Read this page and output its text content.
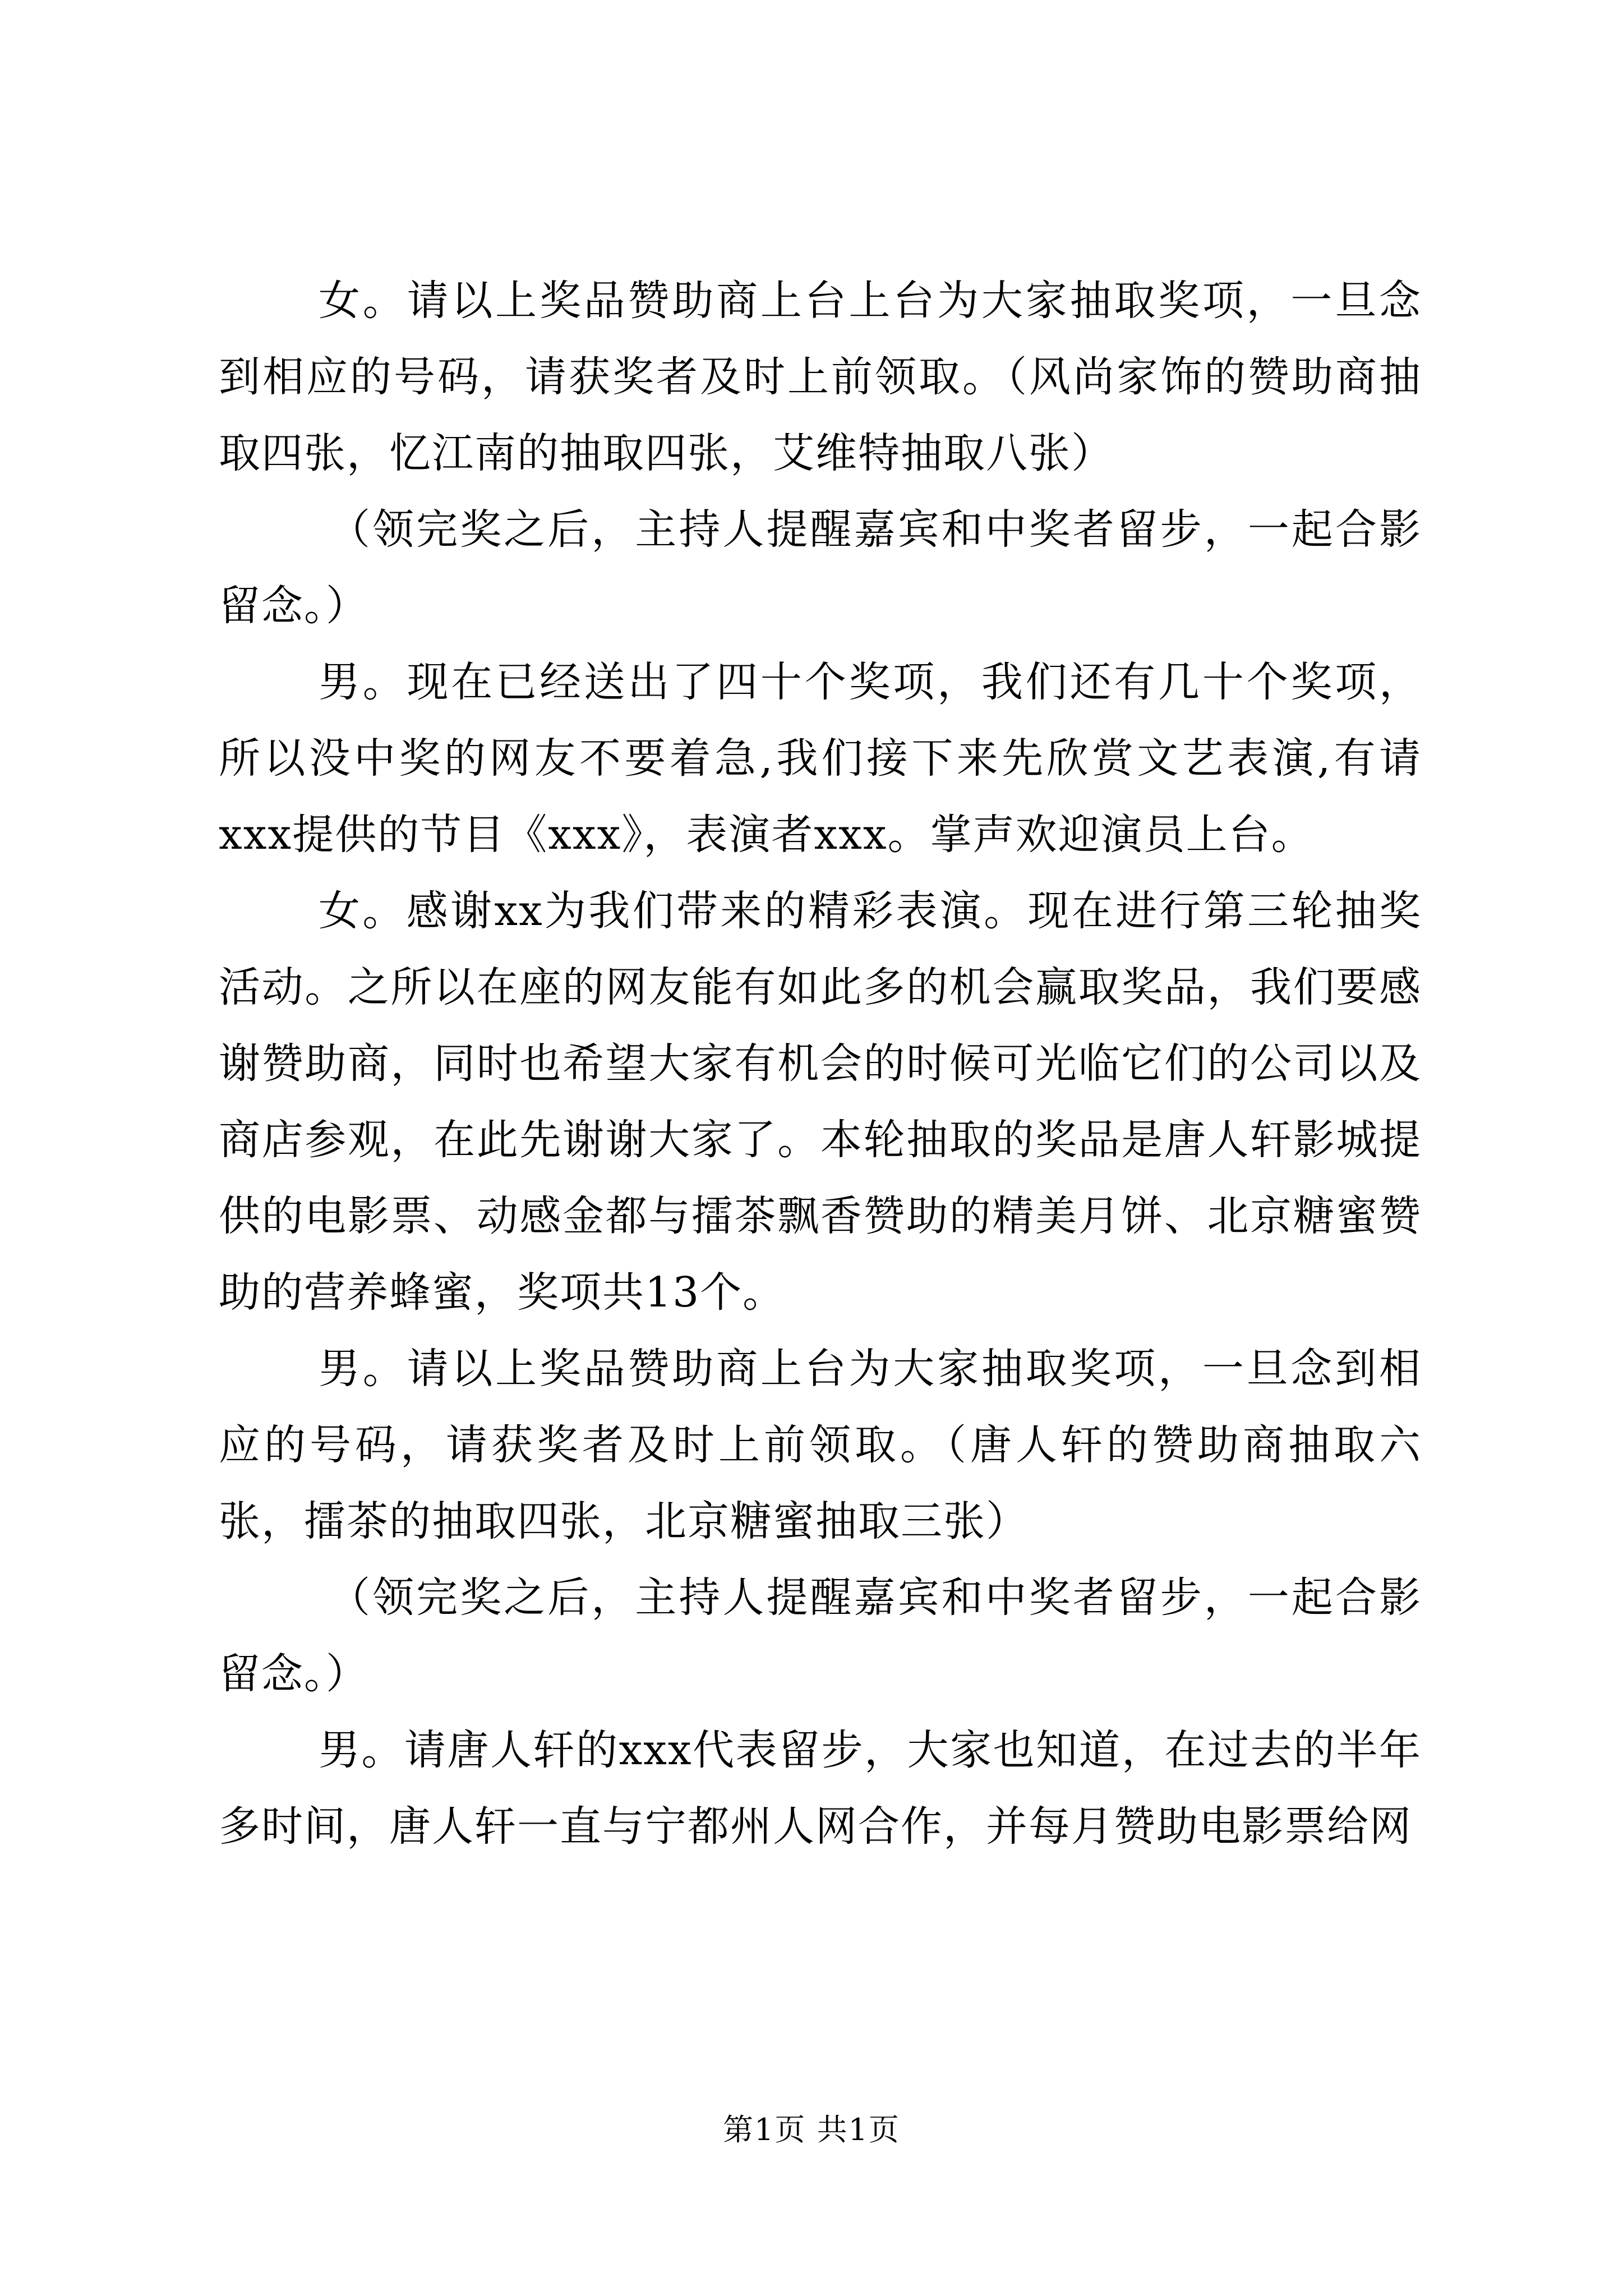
女。请以上奖品赞助商上台上台为大家抽取奖项，一旦念到相应的号码，请获奖者及时上前领取。（风尚家饰的赞助商抽取四张，忆江南的抽取四张，艾维特抽取八张）

（领完奖之后，主持人提醒嘉宾和中奖者留步，一起合影留念。）

男。现在已经送出了四十个奖项，我们还有几十个奖项，所以没中奖的网友不要着急,我们接下来先欣赏文艺表演,有请xxx提供的节目《xxx》，表演者xxx。掌声欢迎演员上台。

女。感谢xx为我们带来的精彩表演。现在进行第三轮抽奖活动。之所以在座的网友能有如此多的机会赢取奖品，我们要感谢赞助商，同时也希望大家有机会的时候可光临它们的公司以及商店参观，在此先谢谢大家了。本轮抽取的奖品是唐人轩影城提供的电影票、动感金都与擂茶飘香赞助的精美月饼、北京糖蜜赞助的营养蜂蜜，奖项共13个。

男。请以上奖品赞助商上台为大家抽取奖项，一旦念到相应的号码，请获奖者及时上前领取。（唐人轩的赞助商抽取六张，擂茶的抽取四张，北京糖蜜抽取三张）

（领完奖之后，主持人提醒嘉宾和中奖者留步，一起合影留念。）

男。请唐人轩的xxx代表留步，大家也知道，在过去的半年多时间，唐人轩一直与宁都州人网合作，并每月赞助电影票给网

第1页 共1页
